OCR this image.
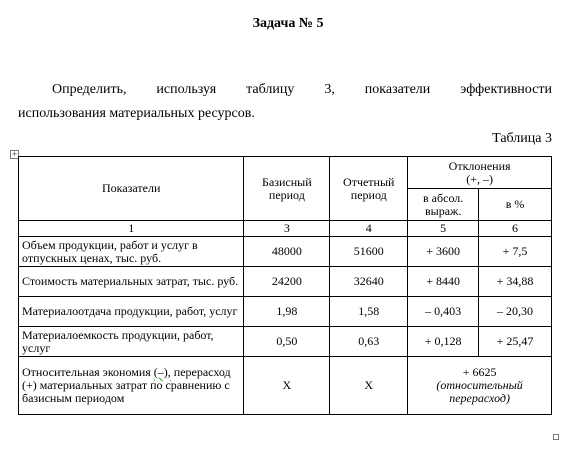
Задача № 5
Определить, используя таблицу 3, показатели эффективности
использования материальных ресурсов.
Таблица 3
+
Показатели	Базисный период	Отчетный период	Отклонения
(+, –)	

			в абсол. выраж.	в %
1	3	4	5	6
Объем продукции, работ и услуг в отпускных ценах, тыс. руб.	48000	51600	+ 3600	+ 7,5
Стоимость материальных затрат, тыс. руб.	24200	32640	+ 8440	+ 34,88
Материалоотдача продукции, работ, услуг	1,98	1,58	– 0,403	– 20,30
Материалоемкость продукции, работ, услуг	0,50	0,63	+ 0,128	+ 25,47
Относительная экономия (–), перерасход (+) материальных затрат по сравнению с базисным периодом	Х	Х	+ 6625
(относительный перерасход)	
